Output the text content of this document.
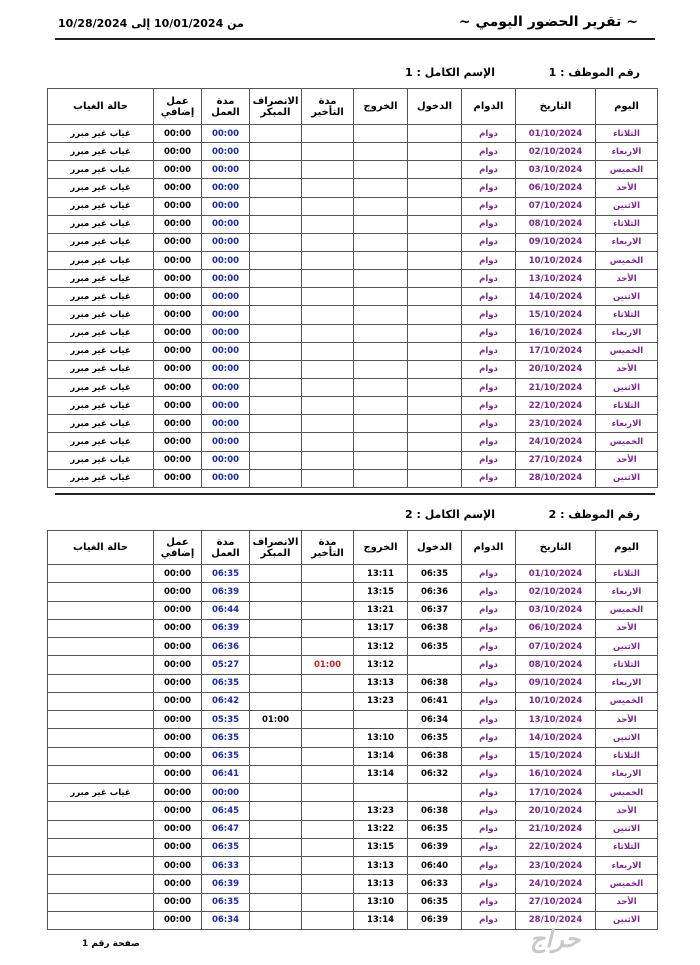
~ تقرير الحضور اليومي ~
من 10/01/2024 إلى 10/28/2024
رقم الموظف : 1
الإسم الكامل : 1
اليوم	التاريخ	الدوام	الدخول	الخروج	مدة التأخير	الانصراف المبكر	مدة العمل	عمل إضافي	حالة الغياب
الثلاثاء	01/10/2024	دوام					00:00	00:00	غياب غير مبرر
الاربعاء	02/10/2024	دوام					00:00	00:00	غياب غير مبرر
الخميس	03/10/2024	دوام					00:00	00:00	غياب غير مبرر
الأحد	06/10/2024	دوام					00:00	00:00	غياب غير مبرر
الاثنين	07/10/2024	دوام					00:00	00:00	غياب غير مبرر
الثلاثاء	08/10/2024	دوام					00:00	00:00	غياب غير مبرر
الاربعاء	09/10/2024	دوام					00:00	00:00	غياب غير مبرر
الخميس	10/10/2024	دوام					00:00	00:00	غياب غير مبرر
الأحد	13/10/2024	دوام					00:00	00:00	غياب غير مبرر
الاثنين	14/10/2024	دوام					00:00	00:00	غياب غير مبرر
الثلاثاء	15/10/2024	دوام					00:00	00:00	غياب غير مبرر
الاربعاء	16/10/2024	دوام					00:00	00:00	غياب غير مبرر
الخميس	17/10/2024	دوام					00:00	00:00	غياب غير مبرر
الأحد	20/10/2024	دوام					00:00	00:00	غياب غير مبرر
الاثنين	21/10/2024	دوام					00:00	00:00	غياب غير مبرر
الثلاثاء	22/10/2024	دوام					00:00	00:00	غياب غير مبرر
الاربعاء	23/10/2024	دوام					00:00	00:00	غياب غير مبرر
الخميس	24/10/2024	دوام					00:00	00:00	غياب غير مبرر
الأحد	27/10/2024	دوام					00:00	00:00	غياب غير مبرر
الاثنين	28/10/2024	دوام					00:00	00:00	غياب غير مبرر
رقم الموظف : 2
الإسم الكامل : 2
اليوم	التاريخ	الدوام	الدخول	الخروج	مدة التأخير	الانصراف المبكر	مدة العمل	عمل إضافي	حالة الغياب
الثلاثاء	01/10/2024	دوام	06:35	13:11			06:35	00:00	
الاربعاء	02/10/2024	دوام	06:36	13:15			06:39	00:00	
الخميس	03/10/2024	دوام	06:37	13:21			06:44	00:00	
الأحد	06/10/2024	دوام	06:38	13:17			06:39	00:00	
الاثنين	07/10/2024	دوام	06:35	13:12			06:36	00:00	
الثلاثاء	08/10/2024	دوام		13:12	01:00		05:27	00:00	
الاربعاء	09/10/2024	دوام	06:38	13:13			06:35	00:00	
الخميس	10/10/2024	دوام	06:41	13:23			06:42	00:00	
الأحد	13/10/2024	دوام	06:34			01:00	05:35	00:00	
الاثنين	14/10/2024	دوام	06:35	13:10			06:35	00:00	
الثلاثاء	15/10/2024	دوام	06:38	13:14			06:35	00:00	
الاربعاء	16/10/2024	دوام	06:32	13:14			06:41	00:00	
الخميس	17/10/2024	دوام					00:00	00:00	غياب غير مبرر
الأحد	20/10/2024	دوام	06:38	13:23			06:45	00:00	
الاثنين	21/10/2024	دوام	06:35	13:22			06:47	00:00	
الثلاثاء	22/10/2024	دوام	06:39	13:15			06:35	00:00	
الاربعاء	23/10/2024	دوام	06:40	13:13			06:33	00:00	
الخميس	24/10/2024	دوام	06:33	13:13			06:39	00:00	
الأحد	27/10/2024	دوام	06:35	13:10			06:35	00:00	
الاثنين	28/10/2024	دوام	06:39	13:14			06:34	00:00	
صفحة رقم 1	حراج
